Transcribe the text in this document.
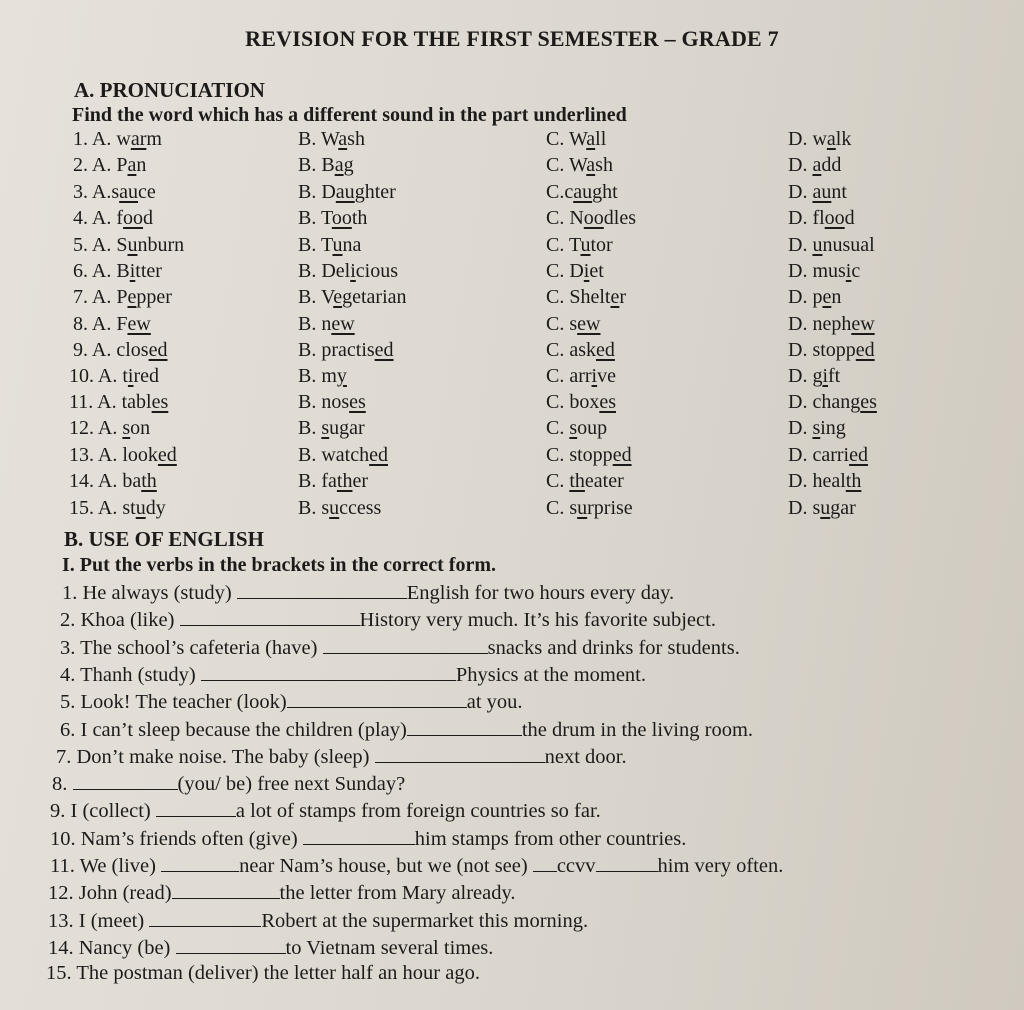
REVISION FOR THE FIRST SEMESTER – GRADE 7
A. PRONUCIATION
Find the word which has a different sound in the part underlined
1. A. warm	B. Wash	C. Wall	D. walk
2. A. Pan	B. Bag	C. Wash	D. add
3. A.sauce	B. Daughter	C.caught	D. aunt
4. A. food	B. Tooth	C. Noodles	D. flood
5. A. Sunburn	B. Tuna	C. Tutor	D. unusual
6. A. Bitter	B. Delicious	C. Diet	D. music
7. A. Pepper	B. Vegetarian	C. Shelter	D. pen
8. A. Few	B. new	C. sew	D. nephew
9. A. closed	B. practised	C. asked	D. stopped
10. A. tired	B. my	C. arrive	D. gift
11. A. tables	B. noses	C. boxes	D. changes
12. A. son	B. sugar	C. soup	D. sing
13. A. looked	B. watched	C. stopped	D. carried
14. A. bath	B. father	C. theater	D. health
15. A. study	B. success	C. surprise	D. sugar
B. USE OF ENGLISH
I. Put the verbs in the brackets in the correct form.
1. He always (study)	English for two hours every day.
2. Khoa (like)	History very much. It’s his favorite subject.
3. The school’s cafeteria (have)	snacks and drinks for students.
4. Thanh (study)	Physics at the moment.
5. Look! The teacher (look)	at you.
6. I can’t sleep because the children (play)	the drum in the living room.
7. Don’t make noise. The baby (sleep)	next door.
8.	(you/ be) free next Sunday?
9. I (collect)	a lot of stamps from foreign countries so far.
10. Nam’s friends often (give)	him stamps from other countries.
11. We (live)	near Nam’s house, but we (not see) ccvv	him very often.
12. John (read)	the letter from Mary already.
13. I (meet)	Robert at the supermarket this morning.
14. Nancy (be)	to Vietnam several times.
15. The postman (deliver) the letter half an hour ago.
